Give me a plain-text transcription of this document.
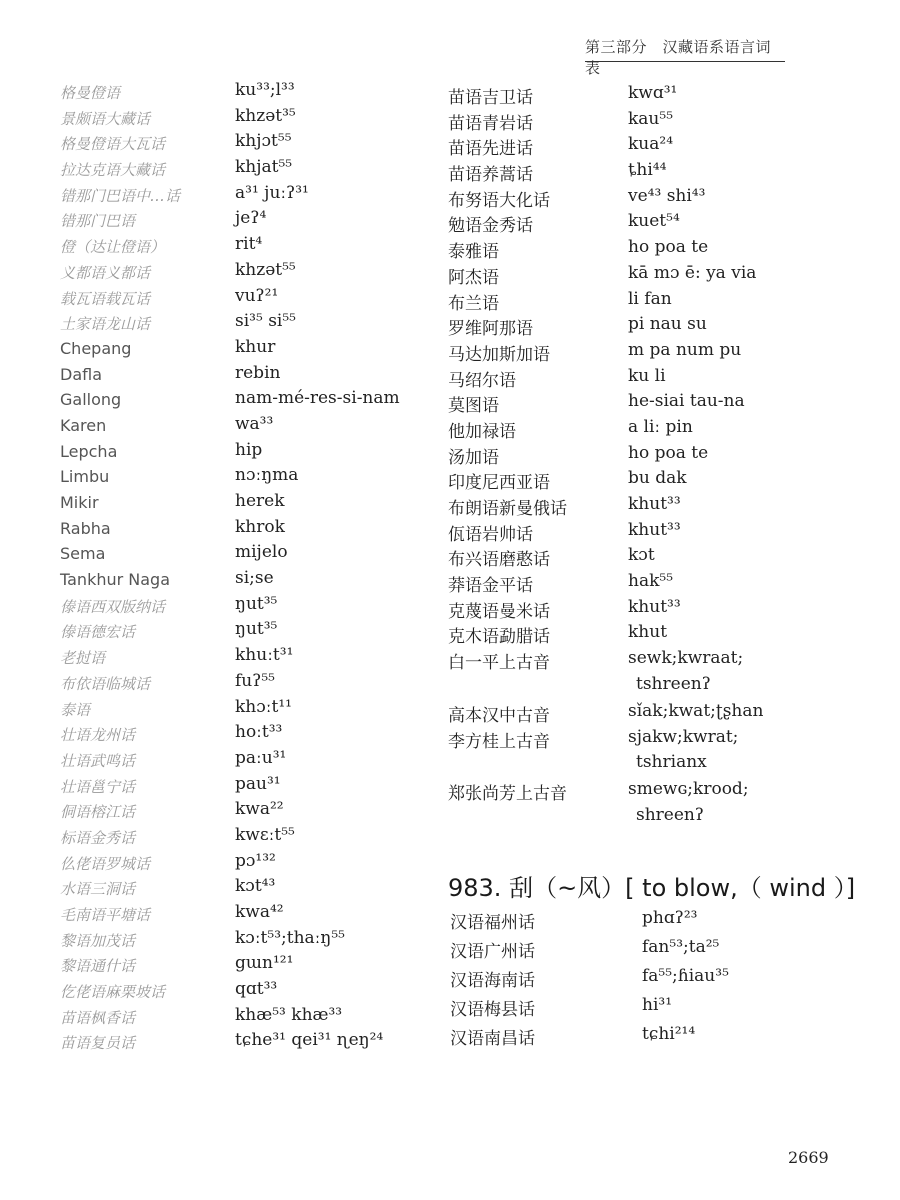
第三部分　汉藏语系语言词表
格曼僜语	ku³³;l³³
景颇语大藏话	khzət³⁵
格曼僜语大瓦话	khjɔt⁵⁵
拉达克语大藏话	khjat⁵⁵
错那门巴语中…话	a³¹ juːʔ³¹
错那门巴语	jeʔ⁴
僜（达让僜语）	rit⁴
义都语义都话	khzət⁵⁵
载瓦语载瓦话	vuʔ²¹
土家语龙山话	si³⁵ si⁵⁵
Chepang	khur
Dafla	rebin
Gallong	nam-mé-res-si-nam
Karen	wa³³
Lepcha	hip
Limbu	nɔːŋma
Mikir	herek
Rabha	khrok
Sema	mijelo
Tankhur Naga	si;se
傣语西双版纳话	ŋut³⁵
傣语德宏话	ŋut³⁵
老挝语	khuːt³¹
布依语临城话	fuʔ⁵⁵
泰语	khɔːt¹¹
壮语龙州话	hoːt³³
壮语武鸣话	paːu³¹
壮语邕宁话	pau³¹
侗语榕江话	kwa²²
标语金秀话	kwɛːt⁵⁵
仫佬语罗城话	pɔ¹³²
水语三洞话	kɔt⁴³
毛南语平塘话	kwa⁴²
黎语加茂话	kɔːt⁵³;thaːŋ⁵⁵
黎语通什话	gɯn¹²¹
仡佬语麻栗坡话	qɑt³³
苗语枫香话	khæ⁵³ khæ³³
苗语复员话	tɕhe³¹ qei³¹ ɳeŋ²⁴
苗语吉卫话	kwɑ³¹
苗语青岩话	kau⁵⁵
苗语先进话	kua²⁴
苗语养蒿话	ȶhi⁴⁴
布努语大化话	ve⁴³ shi⁴³
勉语金秀话	kuet⁵⁴
泰雅语	ho poa te
阿杰语	kā mɔ ē: ya via
布兰语	li fan
罗维阿那语	pi nau su
马达加斯加语	m pa num pu
马绍尔语	ku li
莫图语	he-siai tau-na
他加禄语	a liː pin
汤加语	ho poa te
印度尼西亚语	bu dak
布朗语新曼俄话	khut³³
佤语岩帅话	khut³³
布兴语磨憨话	kɔt
莽语金平话	hak⁵⁵
克蔑语曼米话	khut³³
克木语勐腊话	khut
白一平上古音	sewk;kwraat;
tshreenʔ
高本汉中古音	sǐak;kwat;ʈʂhan
李方桂上古音	sjakw;kwrat;
tshrianx
郑张尚芳上古音	smewɢ;krood;
shreenʔ
983. 刮（~风）[ to blow,（ wind ）]
汉语福州话	phɑʔ²³
汉语广州话	fan⁵³;ta²⁵
汉语海南话	fa⁵⁵;ɦiau³⁵
汉语梅县话	hi³¹
汉语南昌话	tɕhi²¹⁴
2669
